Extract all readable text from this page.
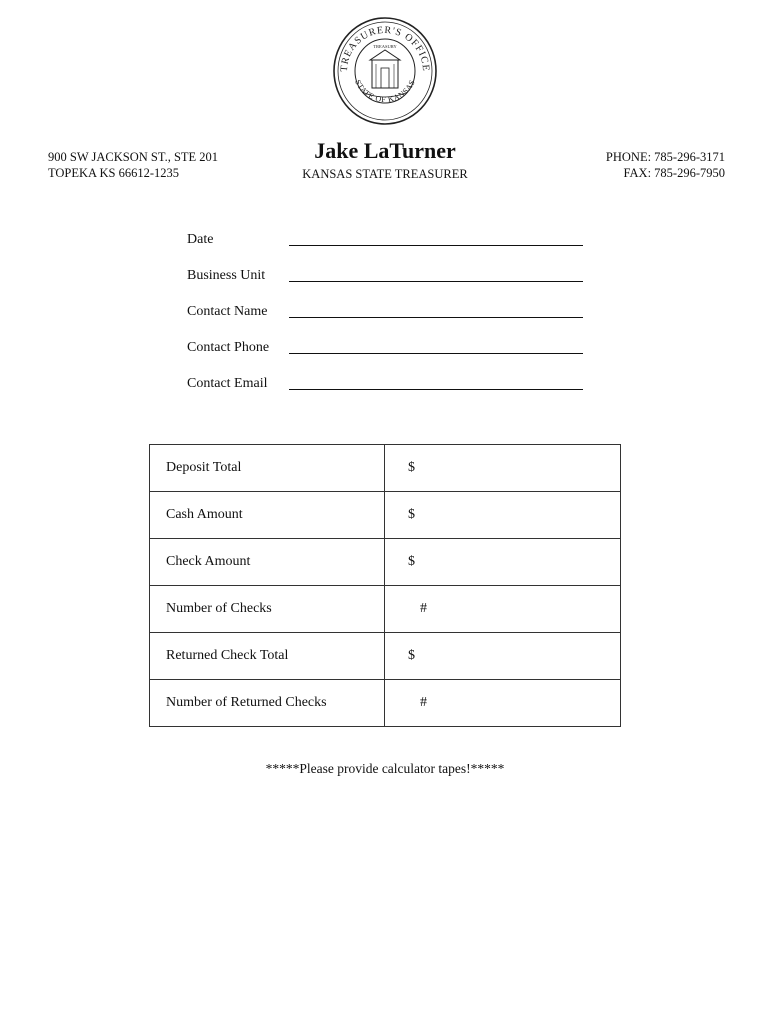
TREASURER'S OFFICE
STATE OF KANSAS
TREASURY
900 SW JACKSON ST., STE 201
TOPEKA KS 66612-1235
Jake LaTurner
KANSAS STATE TREASURER
PHONE: 785-296-3171
FAX: 785-296-7950
Date
Business Unit
Contact Name
Contact Phone
Contact Email
Deposit Total	$
Cash Amount	$
Check Amount	$
Number of Checks	#
Returned Check Total	$
Number of Returned Checks	#
*****Please provide calculator tapes!*****
